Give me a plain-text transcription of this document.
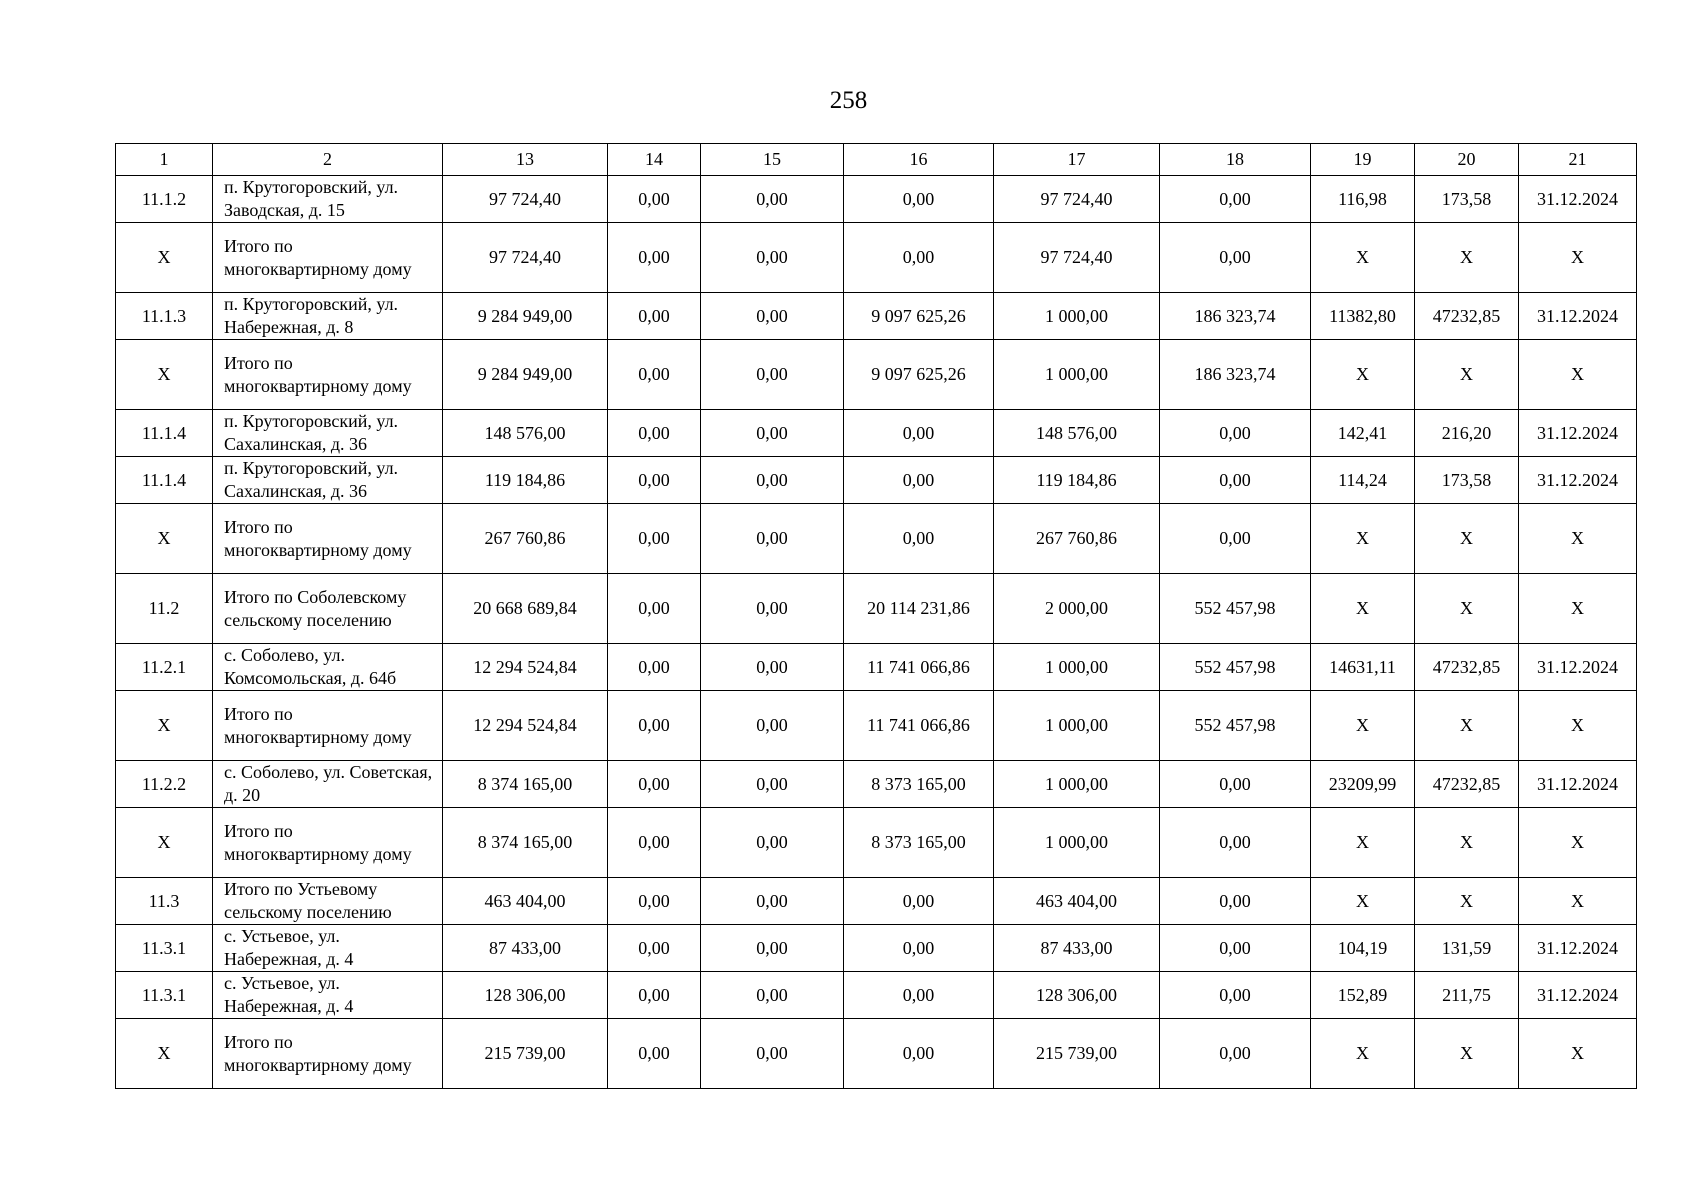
258
1	2	13	14	15	16	17	18	19	20	21
11.1.2	п. Крутогоровский, ул. Заводская, д. 15	97 724,40	0,00	0,00	0,00	97 724,40	0,00	116,98	173,58	31.12.2024
X	Итого по многоквартирному дому	97 724,40	0,00	0,00	0,00	97 724,40	0,00	X	X	X
11.1.3	п. Крутогоровский, ул. Набережная, д. 8	9 284 949,00	0,00	0,00	9 097 625,26	1 000,00	186 323,74	11382,80	47232,85	31.12.2024
X	Итого по многоквартирному дому	9 284 949,00	0,00	0,00	9 097 625,26	1 000,00	186 323,74	X	X	X
11.1.4	п. Крутогоровский, ул. Сахалинская, д. 36	148 576,00	0,00	0,00	0,00	148 576,00	0,00	142,41	216,20	31.12.2024
11.1.4	п. Крутогоровский, ул. Сахалинская, д. 36	119 184,86	0,00	0,00	0,00	119 184,86	0,00	114,24	173,58	31.12.2024
X	Итого по многоквартирному дому	267 760,86	0,00	0,00	0,00	267 760,86	0,00	X	X	X
11.2	Итого по Соболевскому сельскому поселению	20 668 689,84	0,00	0,00	20 114 231,86	2 000,00	552 457,98	X	X	X
11.2.1	с. Соболево, ул. Комсомольская, д. 64б	12 294 524,84	0,00	0,00	11 741 066,86	1 000,00	552 457,98	14631,11	47232,85	31.12.2024
X	Итого по многоквартирному дому	12 294 524,84	0,00	0,00	11 741 066,86	1 000,00	552 457,98	X	X	X
11.2.2	с. Соболево, ул. Советская, д. 20	8 374 165,00	0,00	0,00	8 373 165,00	1 000,00	0,00	23209,99	47232,85	31.12.2024
X	Итого по многоквартирному дому	8 374 165,00	0,00	0,00	8 373 165,00	1 000,00	0,00	X	X	X
11.3	Итого по Устьевому сельскому поселению	463 404,00	0,00	0,00	0,00	463 404,00	0,00	X	X	X
11.3.1	с. Устьевое, ул. Набережная, д. 4	87 433,00	0,00	0,00	0,00	87 433,00	0,00	104,19	131,59	31.12.2024
11.3.1	с. Устьевое, ул. Набережная, д. 4	128 306,00	0,00	0,00	0,00	128 306,00	0,00	152,89	211,75	31.12.2024
X	Итого по многоквартирному дому	215 739,00	0,00	0,00	0,00	215 739,00	0,00	X	X	X
